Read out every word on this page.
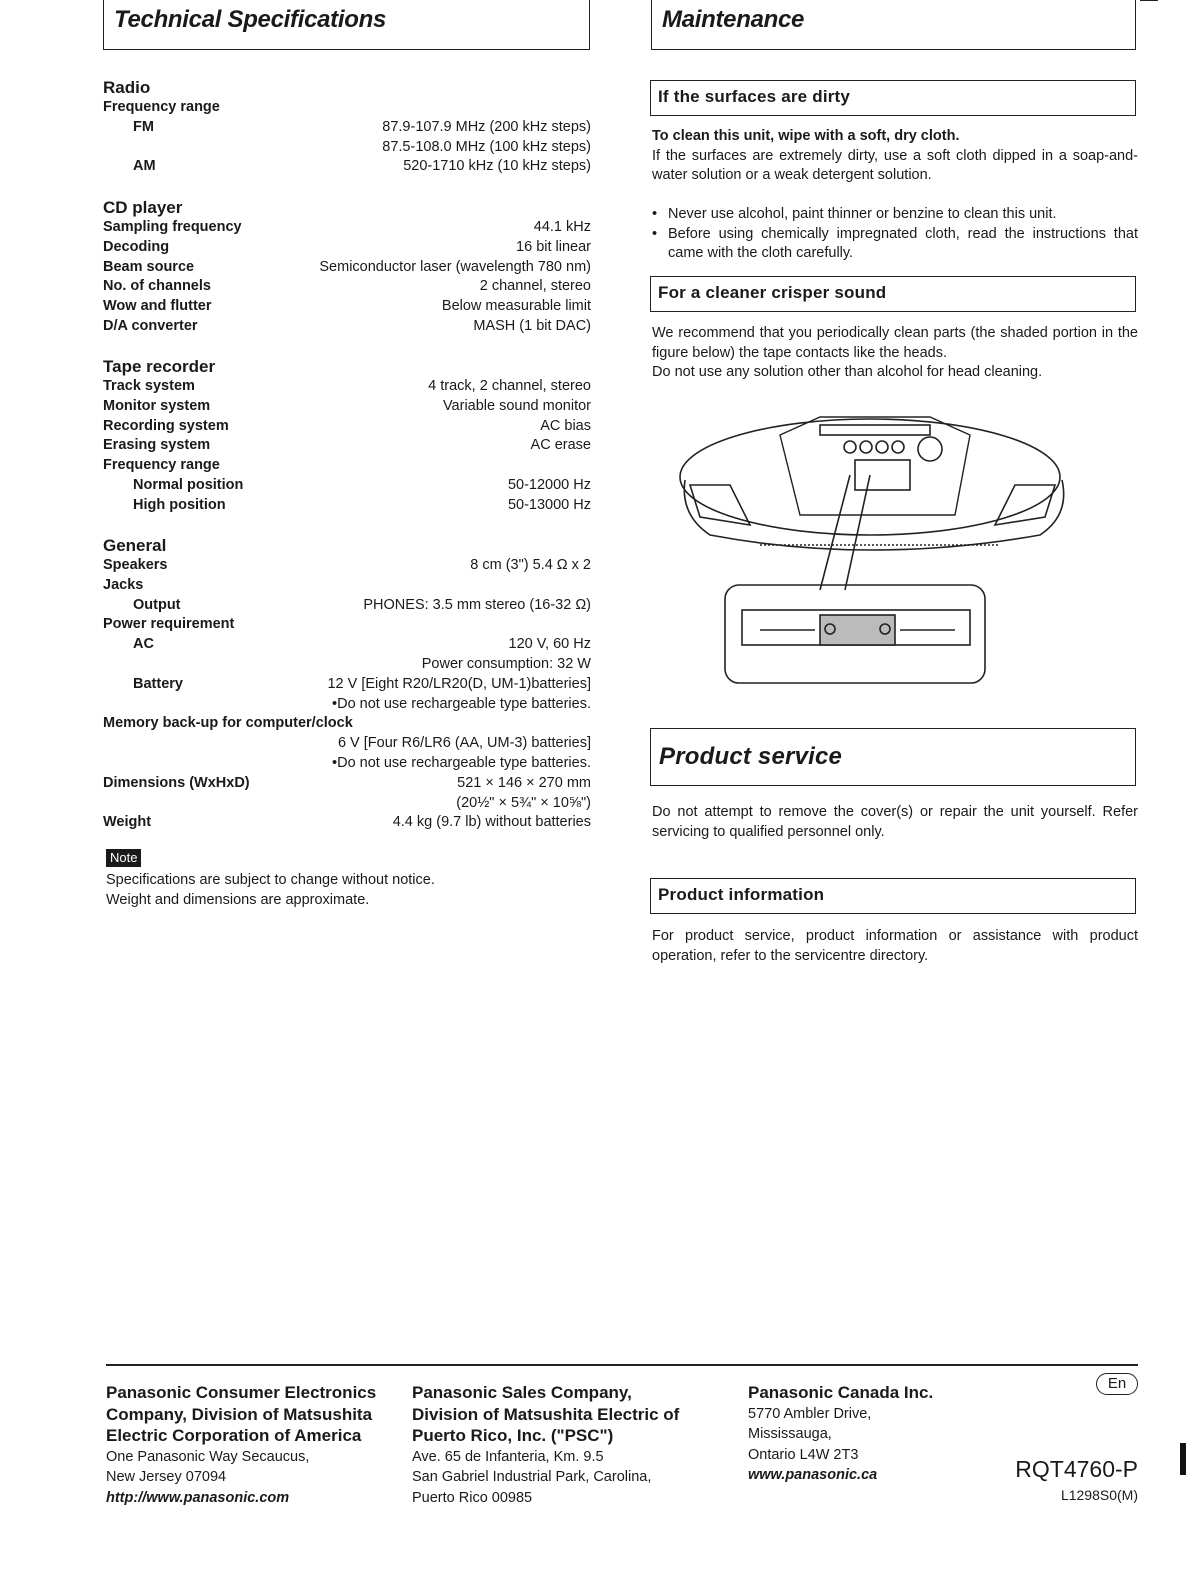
Technical Specifications	Maintenance
Radio
Frequency range
FM	87.9-107.9 MHz (200 kHz steps)
87.5-108.0 MHz (100 kHz steps)
AM	520-1710 kHz (10 kHz steps)
CD player
Sampling frequency	44.1 kHz
Decoding	16 bit linear
Beam source	Semiconductor laser (wavelength 780 nm)
No. of channels	2 channel, stereo
Wow and flutter	Below measurable limit
D/A converter	MASH (1 bit DAC)
Tape recorder
Track system	4 track, 2 channel, stereo
Monitor system	Variable sound monitor
Recording system	AC bias
Erasing system	AC erase
Frequency range
Normal position	50-12000 Hz
High position	50-13000 Hz
General
Speakers	8 cm (3") 5.4 Ω x 2
Jacks
Output	PHONES: 3.5 mm stereo (16-32 Ω)
Power requirement
AC	120 V, 60 Hz
Power consumption: 32 W
Battery	12 V [Eight R20/LR20(D, UM-1)batteries]
•Do not use rechargeable type batteries.
Memory back-up for computer/clock
6 V [Four R6/LR6 (AA, UM-3) batteries]
•Do not use rechargeable type batteries.
Dimensions (WxHxD)	521 × 146 × 270 mm
(20½" × 5¾" × 10⅝")
Weight	4.4 kg (9.7 lb) without batteries
Note
Specifications are subject to change without notice.
Weight and dimensions are approximate.
If the surfaces are dirty
To clean this unit, wipe with a soft, dry cloth.
If the surfaces are extremely dirty, use a soft cloth dipped in a soap-and-water solution or a weak detergent solution.
• Never use alcohol, paint thinner or benzine to clean this unit.
• Before using chemically impregnated cloth, read the instructions that came with the cloth carefully.
For a cleaner crisper sound
We recommend that you periodically clean parts (the shaded portion in the figure below) the tape contacts like the heads.
Do not use any solution other than alcohol for head cleaning.
Product service
Do not attempt to remove the cover(s) or repair the unit yourself. Refer servicing to qualified personnel only.
Product information
For product service, product information or assistance with product operation, refer to the servicentre directory.
Panasonic Consumer Electronics
Company, Division of Matsushita
Electric Corporation of America
One Panasonic Way Secaucus,
New Jersey 07094
http://www.panasonic.com
Panasonic Sales Company,
Division of Matsushita Electric of
Puerto Rico, Inc. ("PSC")
Ave. 65 de Infanteria, Km. 9.5
San Gabriel Industrial Park, Carolina,
Puerto Rico 00985
Panasonic Canada Inc.
5770 Ambler Drive,
Mississauga,
Ontario L4W 2T3
www.panasonic.ca
En
RQT4760-P
L1298S0(M)
